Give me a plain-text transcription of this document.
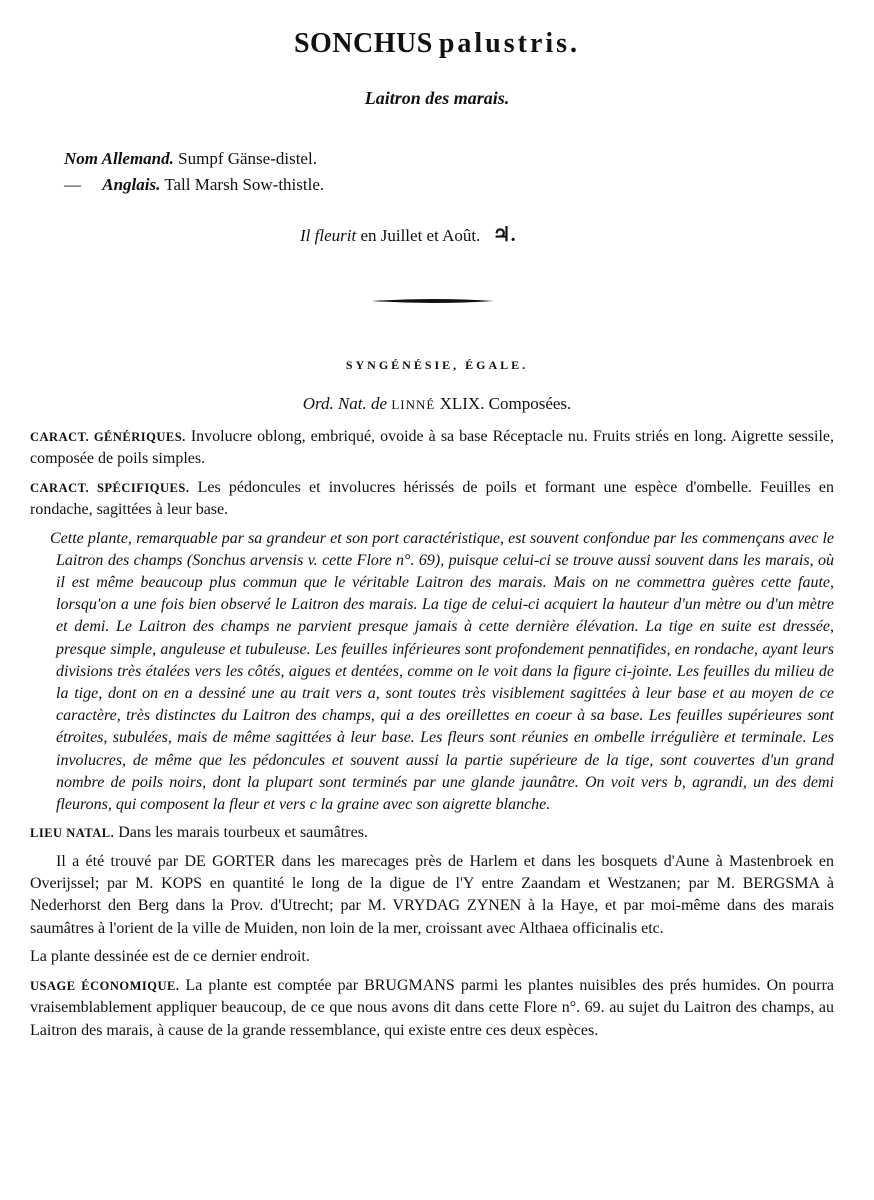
SONCHUS palustris.
Laitron des marais.
Nom Allemand. Sumpf Gänse-distel.
— Anglais. Tall Marsh Sow-thistle.
Il fleurit en Juillet et Août. ♃.
SYNGÉNÉSIE, ÉGALE.
Ord. Nat. de LINNÉ XLIX. Composées.

CARACT. GÉNÉRIQUES. Involucre oblong, embriqué, ovoide à sa base Réceptacle nu. Fruits striés en long. Aigrette sessile, composée de poils simples.

CARACT. SPÉCIFIQUES. Les pédoncules et involucres hérissés de poils et formant une espèce d'ombelle. Feuilles en rondache, sagittées à leur base.

Cette plante, remarquable par sa grandeur et son port caractéristique, est souvent confondue par les commençans avec le Laitron des champs (Sonchus arvensis v. cette Flore n°. 69), puisque celui-ci se trouve aussi souvent dans les marais, où il est même beaucoup plus commun que le véritable Laitron des marais. Mais on ne commettra guères cette faute, lorsqu'on a une fois bien observé le Laitron des marais. La tige de celui-ci acquiert la hauteur d'un mètre ou d'un mètre et demi. Le Laitron des champs ne parvient presque jamais à cette dernière élévation. La tige en suite est dressée, presque simple, anguleuse et tubuleuse. Les feuilles inférieures sont profondement pennatifides, en rondache, ayant leurs divisions très étalées vers les côtés, aigues et dentées, comme on le voit dans la figure ci-jointe. Les feuilles du milieu de la tige, dont on en a dessiné une au trait vers a, sont toutes très visiblement sagittées à leur base et au moyen de ce caractère, très distinctes du Laitron des champs, qui a des oreillettes en coeur à sa base. Les feuilles supérieures sont étroites, subulées, mais de même sagittées à leur base. Les fleurs sont réunies en ombelle irrégulière et terminale. Les involucres, de même que les pédoncules et souvent aussi la partie supérieure de la tige, sont couvertes d'un grand nombre de poils noirs, dont la plupart sont terminés par une glande jaunâtre. On voit vers b, agrandi, un des demi fleurons, qui composent la fleur et vers c la graine avec son aigrette blanche.

LIEU NATAL. Dans les marais tourbeux et saumâtres.

Il a été trouvé par DE GORTER dans les marecages près de Harlem et dans les bosquets d'Aune à Mastenbroek en Overijssel; par M. KOPS en quantité le long de la digue de l'Y entre Zaandam et Westzanen; par M. BERGSMA à Nederhorst den Berg dans la Prov. d'Utrecht; par M. VRYDAG ZYNEN à la Haye, et par moi-même dans des marais saumâtres à l'orient de la ville de Muiden, non loin de la mer, croissant avec Althaea officinalis etc.

La plante dessinée est de ce dernier endroit.

USAGE ÉCONOMIQUE. La plante est comptée par BRUGMANS parmi les plantes nuisibles des prés humides. On pourra vraisemblablement appliquer beaucoup, de ce que nous avons dit dans cette Flore n°. 69. au sujet du Laitron des champs, au Laitron des marais, à cause de la grande ressemblance, qui existe entre ces deux espèces.
